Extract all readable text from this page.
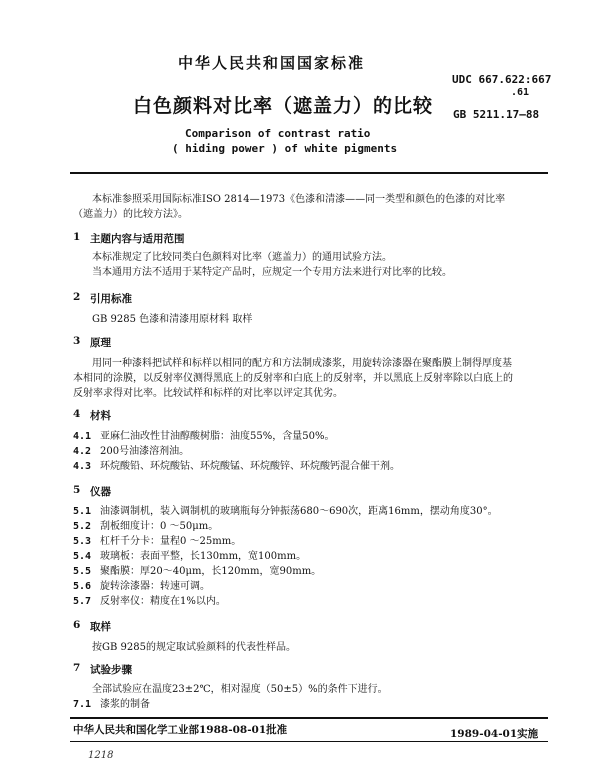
中华人民共和国国家标准
UDC 667.622:667
.61
白色颜料对比率（遮盖力）的比较 GB 5211.17—88
Comparison of contrast ratio
( hiding power ) of white pigments
本标准参照采用国际标准ISO 2814—1973《色漆和清漆——同一类型和颜色的色漆的对比率
（遮盖力）的比较方法》。
1 主题内容与适用范围
本标准规定了比较同类白色颜料对比率（遮盖力）的通用试验方法。
当本通用方法不适用于某特定产品时，应规定一个专用方法来进行对比率的比较。
2 引用标准
GB 9285 色漆和清漆用原材料 取样
3 原理
用同一种漆料把试样和标样以相同的配方和方法制成漆浆，用旋转涂漆器在聚酯膜上制得厚度基
本相同的涂膜，以反射率仪测得黑底上的反射率和白底上的反射率，并以黑底上反射率除以白底上的
反射率求得对比率。比较试样和标样的对比率以评定其优劣。
4 材料
4.1 亚麻仁油改性甘油醇酸树脂：油度55%，含量50%。
4.2 200号油漆溶剂油。
4.3 环烷酸铅、环烷酸钴、环烷酸锰、环烷酸锌、环烷酸钙混合催干剂。
5 仪器
5.1 油漆调制机，装入调制机的玻璃瓶每分钟振荡680～690次，距离16mm，摆动角度30°。
5.2 刮板细度计：0 ～50μm。
5.3 杠杆千分卡：量程0 ～25mm。
5.4 玻璃板：表面平整，长130mm，宽100mm。
5.5 聚酯膜：厚20～40μm，长120mm，宽90mm。
5.6 旋转涂漆器：转速可调。
5.7 反射率仪：精度在1%以内。
6 取样
按GB 9285的规定取试验颜料的代表性样品。
7 试验步骤
全部试验应在温度23±2℃，相对湿度（50±5）%的条件下进行。
7.1 漆浆的制备
中华人民共和国化学工业部1988-08-01批准	1989-04-01实施
1218
